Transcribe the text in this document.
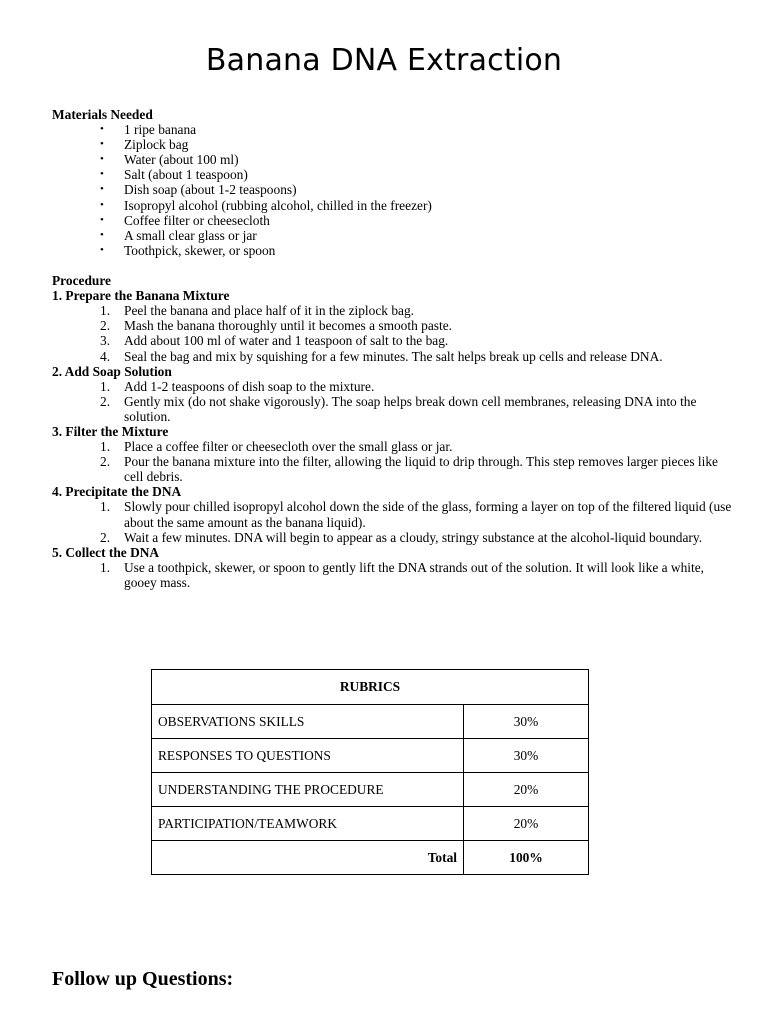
Banana DNA Extraction

Materials Needed

• 1 ripe banana
• Ziplock bag
• Water (about 100 ml)
• Salt (about 1 teaspoon)
• Dish soap (about 1-2 teaspoons)
• Isopropyl alcohol (rubbing alcohol, chilled in the freezer)
• Coffee filter or cheesecloth
• A small clear glass or jar
• Toothpick, skewer, or spoon

Procedure

1. Prepare the Banana Mixture

1. Peel the banana and place half of it in the ziplock bag.
2. Mash the banana thoroughly until it becomes a smooth paste.
3. Add about 100 ml of water and 1 teaspoon of salt to the bag.
4. Seal the bag and mix by squishing for a few minutes. The salt helps break up cells and release DNA.

2. Add Soap Solution

1. Add 1-2 teaspoons of dish soap to the mixture.
2. Gently mix (do not shake vigorously). The soap helps break down cell membranes, releasing DNA into the solution.

3. Filter the Mixture

1. Place a coffee filter or cheesecloth over the small glass or jar.
2. Pour the banana mixture into the filter, allowing the liquid to drip through. This step removes larger pieces like cell debris.

4. Precipitate the DNA

1. Slowly pour chilled isopropyl alcohol down the side of the glass, forming a layer on top of the filtered liquid (use about the same amount as the banana liquid).
2. Wait a few minutes. DNA will begin to appear as a cloudy, stringy substance at the alcohol-liquid boundary.

5. Collect the DNA

1. Use a toothpick, skewer, or spoon to gently lift the DNA strands out of the solution. It will look like a white, gooey mass.
RUBRICS	
OBSERVATIONS SKILLS	30%
RESPONSES TO QUESTIONS	30%
UNDERSTANDING THE PROCEDURE	20%
PARTICIPATION/TEAMWORK	20%
Total	100%
Follow up Questions:
